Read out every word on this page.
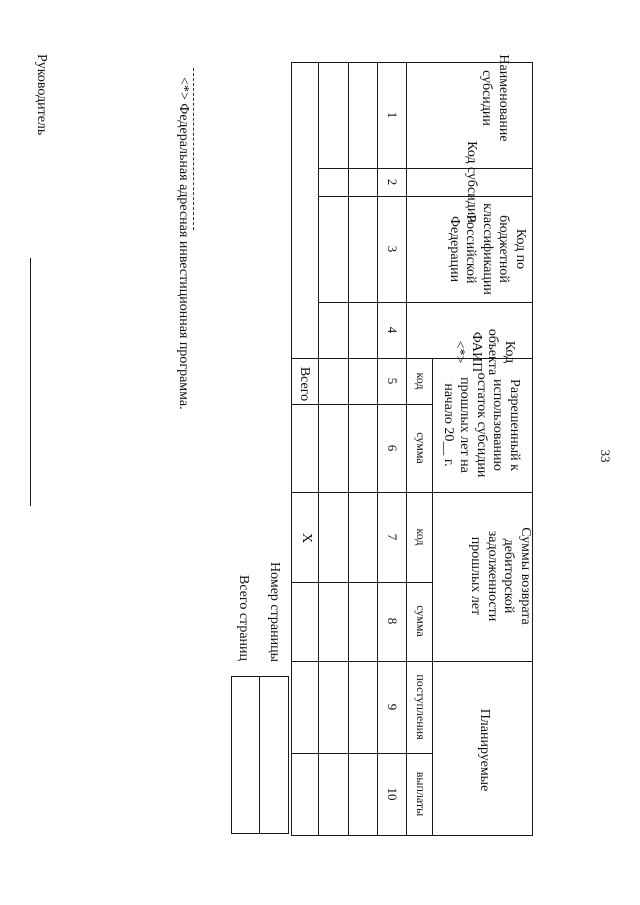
33
Наименование субсидии
Код субсидии
Код по бюджетной классификации Российской Федерации
Код объекта ФАИП <*>
Разрешенный к использованию остаток субсидии прошлых лет на начало 20__ г.
Суммы возврата дебиторской задолженности прошлых лет
Планируемые
код
сумма
код
сумма
поступления
выплаты
1
2
3
4
5
6
7
8
9
10
Всего
X
Номер страницы
Всего страниц
<*> Федеральная адресная инвестиционная программа.
Руководитель
